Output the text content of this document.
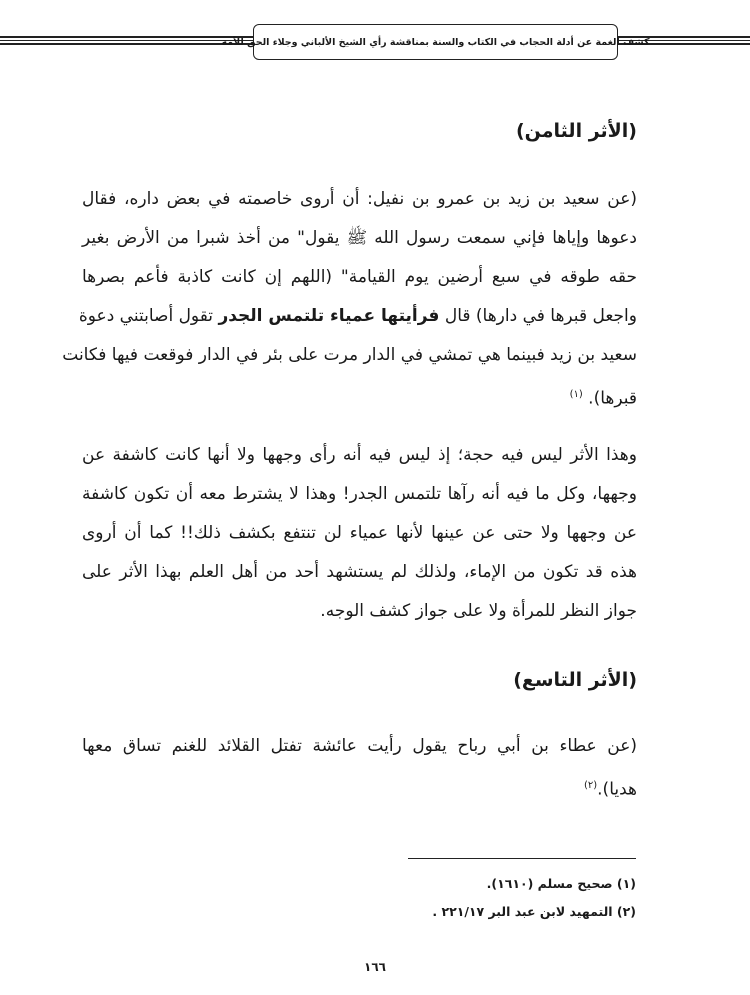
كشف الغمة عن أدلة الحجاب في الكتاب والسنة بمناقشة رأي الشيخ الألباني وجلاء الحق للأمة
(الأثر الثامن)

(عن سعيد بن زيد بن عمرو بن نفيل: أن أروى خاصمته في بعض داره، فقال

دعوها وإياها فإني سمعت رسول الله ﷺ يقول" من أخذ شبرا من الأرض بغير

حقه طوقه في سبع أرضين يوم القيامة" (اللهم إن كانت كاذبة فأعم بصرها

واجعل قبرها في دارها) قال فرأيتها عمياء تلتمس الجدر تقول أصابتني دعوة

سعيد بن زيد فبينما هي تمشي في الدار مرت على بئر في الدار فوقعت فيها فكانت

قبرها). $^{(١)}$

وهذا الأثر ليس فيه حجة؛ إذ ليس فيه أنه رأى وجهها ولا أنها كانت كاشفة عن

وجهها، وكل ما فيه أنه رآها تلتمس الجدر! وهذا لا يشترط معه أن تكون كاشفة

عن وجهها ولا حتى عن عينها لأنها عمياء لن تنتفع بكشف ذلك!! كما أن أروى

هذه قد تكون من الإماء، ولذلك لم يستشهد أحد من أهل العلم بهذا الأثر على

جواز النظر للمرأة ولا على جواز كشف الوجه.

(الأثر التاسع)

(عن عطاء بن أبي رباح يقول رأيت عائشة تفتل القلائد للغنم تساق معها

هديا).$^{(٢)}$

(١) صحيح مسلم (١٦١٠).
(٢) التمهيد لابن عبد البر ٢٢١/١٧ .
١٦٦
